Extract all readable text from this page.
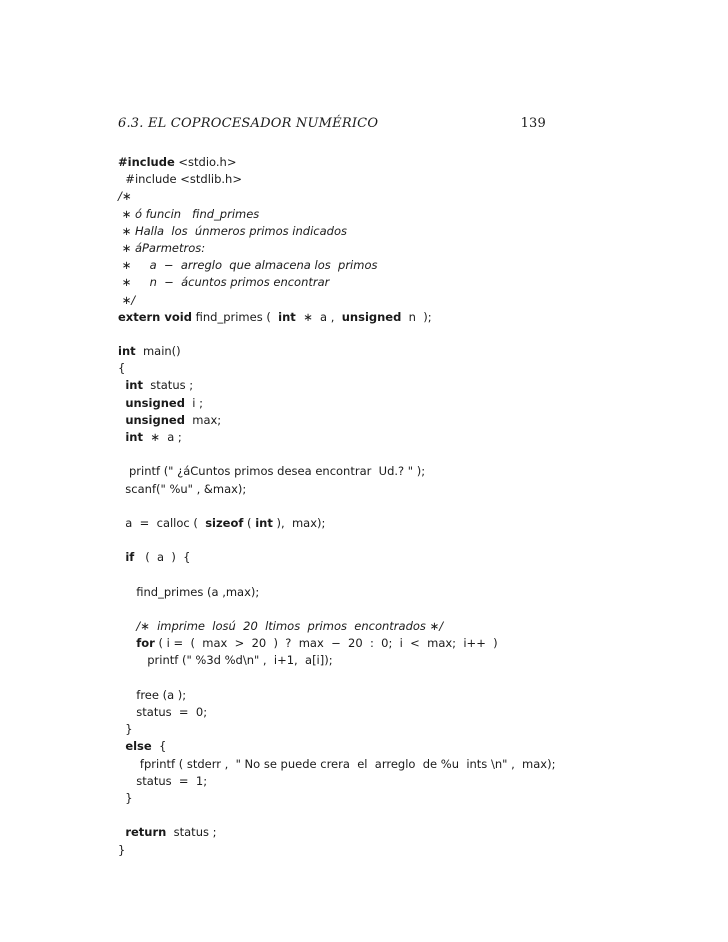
6.3. EL COPROCESADOR NUMÉRICO	139
#include <stdio.h>
#include <stdlib.h>
/∗
∗ ó funcin   find_primes
∗ Halla  los  únmeros primos indicados
∗ áParmetros:
∗     a  −  arreglo  que almacena los  primos
∗     n  −  ácuntos primos encontrar
∗/
extern void find_primes (  int  ∗  a ,  unsigned  n  );
int  main()
{
int  status ;
unsigned  i ;
unsigned  max;
int  ∗  a ;
printf (" ¿áCuntos primos desea encontrar  Ud.? " );
scanf(" %u" , &max);
a  =  calloc (  sizeof ( int ),  max);
if   (  a  )  {
find_primes (a ,max);
/∗  imprime  losú  20  ltimos  primos  encontrados ∗/
for ( i =  (  max  >  20  )  ?  max  −  20  :  0;  i  <  max;  i++  )
printf (" %3d %d\n" ,  i+1,  a[i]);
free (a );
status  =  0;
}
else  {
fprintf ( stderr ,  " No se puede crera  el  arreglo  de %u  ints \n" ,  max);
status  =  1;
}
return  status ;
}
